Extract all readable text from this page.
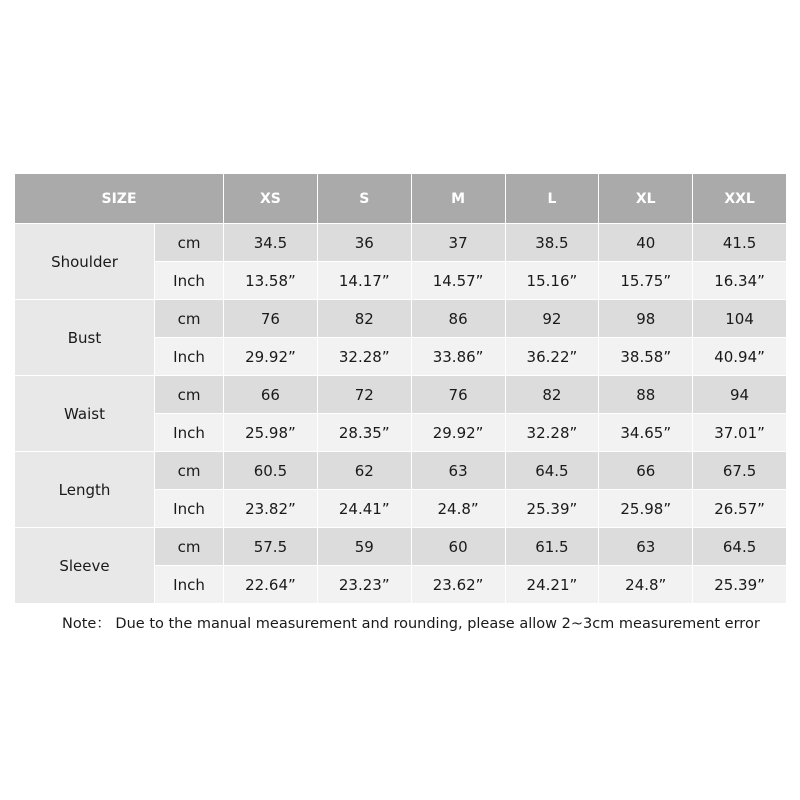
SIZE		XS	S	M	L	XL	XXL
Shoulder	cm	34.5	36	37	38.5	40	41.5
	Inch	13.58”	14.17”	14.57”	15.16”	15.75”	16.34”
Bust	cm	76	82	86	92	98	104
	Inch	29.92”	32.28”	33.86”	36.22”	38.58”	40.94”
Waist	cm	66	72	76	82	88	94
	Inch	25.98”	28.35”	29.92”	32.28”	34.65”	37.01”
Length	cm	60.5	62	63	64.5	66	67.5
	Inch	23.82”	24.41”	24.8”	25.39”	25.98”	26.57”
Sleeve	cm	57.5	59	60	61.5	63	64.5
	Inch	22.64”	23.23”	23.62”	24.21”	24.8”	25.39”
Note： Due to the manual measurement and rounding, please allow 2~3cm measurement error
